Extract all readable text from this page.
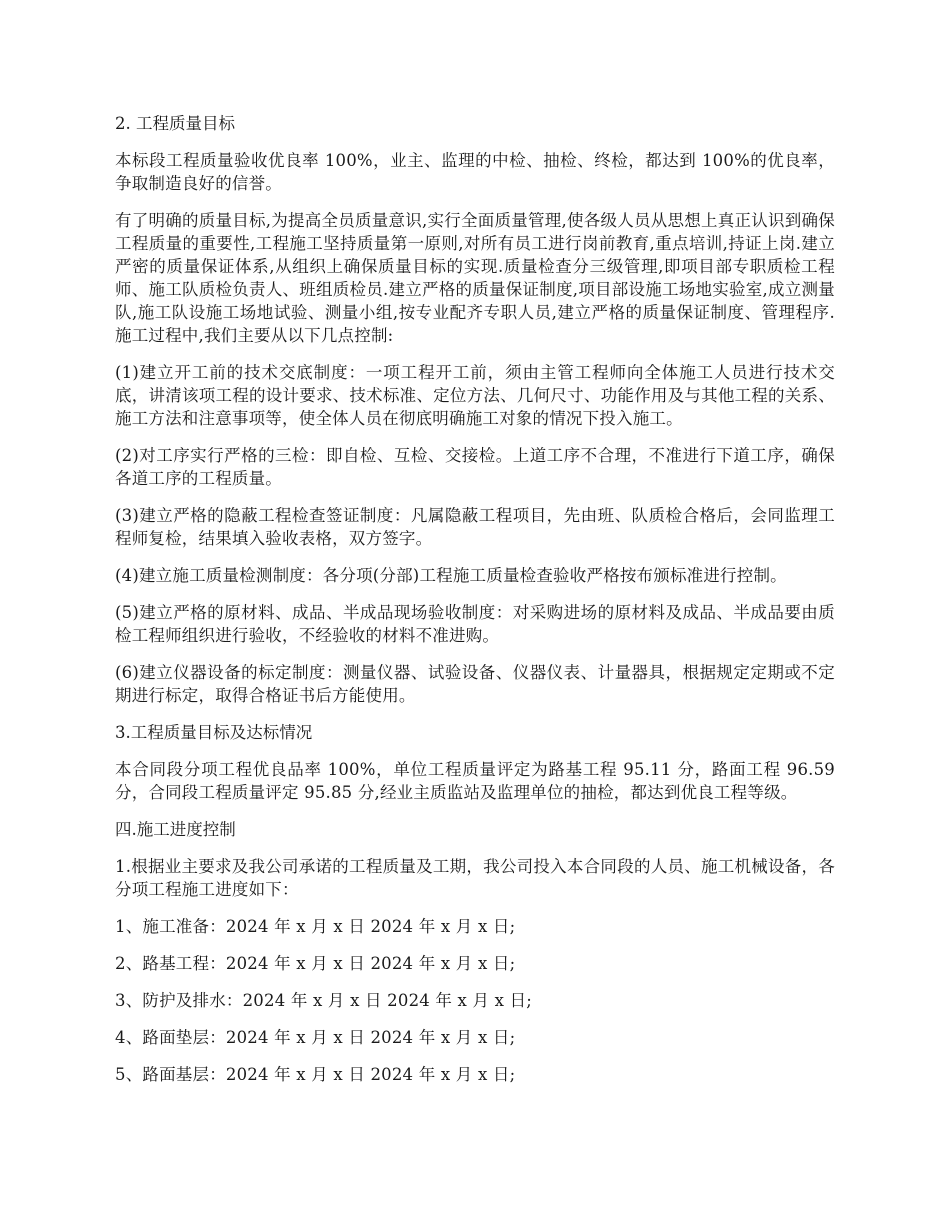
2. 工程质量目标

本标段工程质量验收优良率 100%，业主、监理的中检、抽检、终检，都达到 100%的优良率，争取制造良好的信誉。

有了明确的质量目标,为提高全员质量意识,实行全面质量管理,使各级人员从思想上真正认识到确保工程质量的重要性,工程施工坚持质量第一原则,对所有员工进行岗前教育,重点培训,持证上岗.建立严密的质量保证体系,从组织上确保质量目标的实现.质量检查分三级管理,即项目部专职质检工程师、施工队质检负责人、班组质检员.建立严格的质量保证制度,项目部设施工场地实验室,成立测量队,施工队设施工场地试验、测量小组,按专业配齐专职人员,建立严格的质量保证制度、管理程序.施工过程中,我们主要从以下几点控制:

(1)建立开工前的技术交底制度：一项工程开工前，须由主管工程师向全体施工人员进行技术交底，讲清该项工程的设计要求、技术标准、定位方法、几何尺寸、功能作用及与其他工程的关系、施工方法和注意事项等，使全体人员在彻底明确施工对象的情况下投入施工。

(2)对工序实行严格的三检：即自检、互检、交接检。上道工序不合理，不准进行下道工序，确保各道工序的工程质量。

(3)建立严格的隐蔽工程检查签证制度：凡属隐蔽工程项目，先由班、队质检合格后，会同监理工程师复检，结果填入验收表格，双方签字。

(4)建立施工质量检测制度：各分项(分部)工程施工质量检查验收严格按布颁标准进行控制。

(5)建立严格的原材料、成品、半成品现场验收制度：对采购进场的原材料及成品、半成品要由质检工程师组织进行验收，不经验收的材料不准进购。

(6)建立仪器设备的标定制度：测量仪器、试验设备、仪器仪表、计量器具，根据规定定期或不定期进行标定，取得合格证书后方能使用。

3.工程质量目标及达标情况

本合同段分项工程优良品率 100%，单位工程质量评定为路基工程 95.11 分，路面工程 96.59 分，合同段工程质量评定 95.85 分,经业主质监站及监理单位的抽检，都达到优良工程等级。

四.施工进度控制

1.根据业主要求及我公司承诺的工程质量及工期，我公司投入本合同段的人员、施工机械设备，各分项工程施工进度如下：

1、施工准备：2024 年 x 月 x 日 2024 年 x 月 x 日;

2、路基工程：2024 年 x 月 x 日 2024 年 x 月 x 日;

3、防护及排水：2024 年 x 月 x 日 2024 年 x 月 x 日;

4、路面垫层：2024 年 x 月 x 日 2024 年 x 月 x 日;

5、路面基层：2024 年 x 月 x 日 2024 年 x 月 x 日;
